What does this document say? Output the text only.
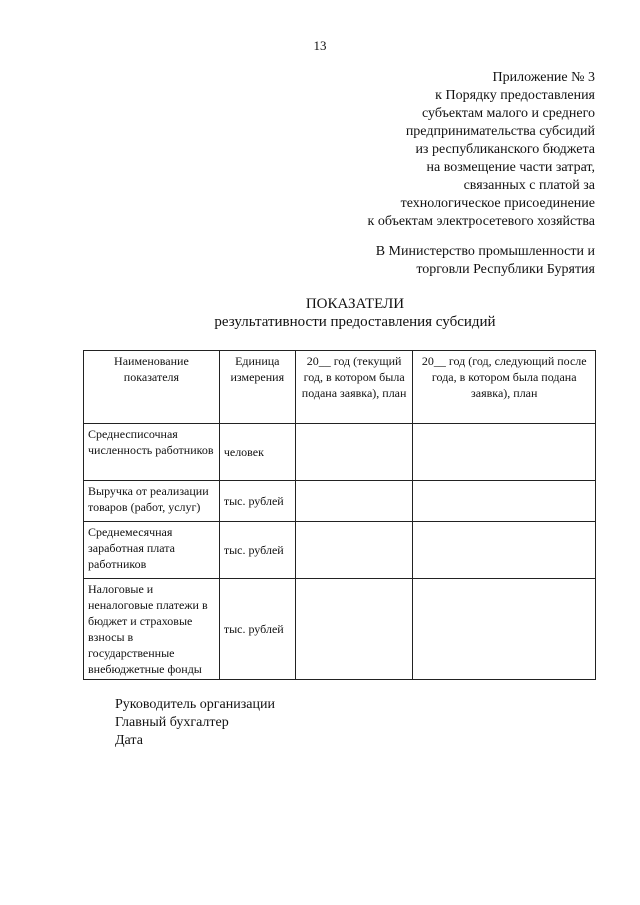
13
Приложение № 3
к Порядку предоставления
субъектам малого и среднего
предпринимательства субсидий
из республиканского бюджета
на возмещение части затрат,
связанных с платой за
технологическое присоединение
к объектам электросетевого хозяйства
В Министерство промышленности и
торговли Республики Бурятия
ПОКАЗАТЕЛИ
результативности предоставления субсидий
Наименование показателя	Единица измерения	20__ год (текущий год, в котором была подана заявка), план	20__ год (год, следующий после года, в котором была подана заявка), план
Среднесписочная численность работников	человек		
Выручка от реализации товаров (работ, услуг)	тыс. рублей		
Среднемесячная заработная плата работников	тыс. рублей		
Налоговые и неналоговые платежи в бюджет и страховые взносы в государственные внебюджетные фонды	тыс. рублей		
Руководитель организации
Главный бухгалтер
Дата
